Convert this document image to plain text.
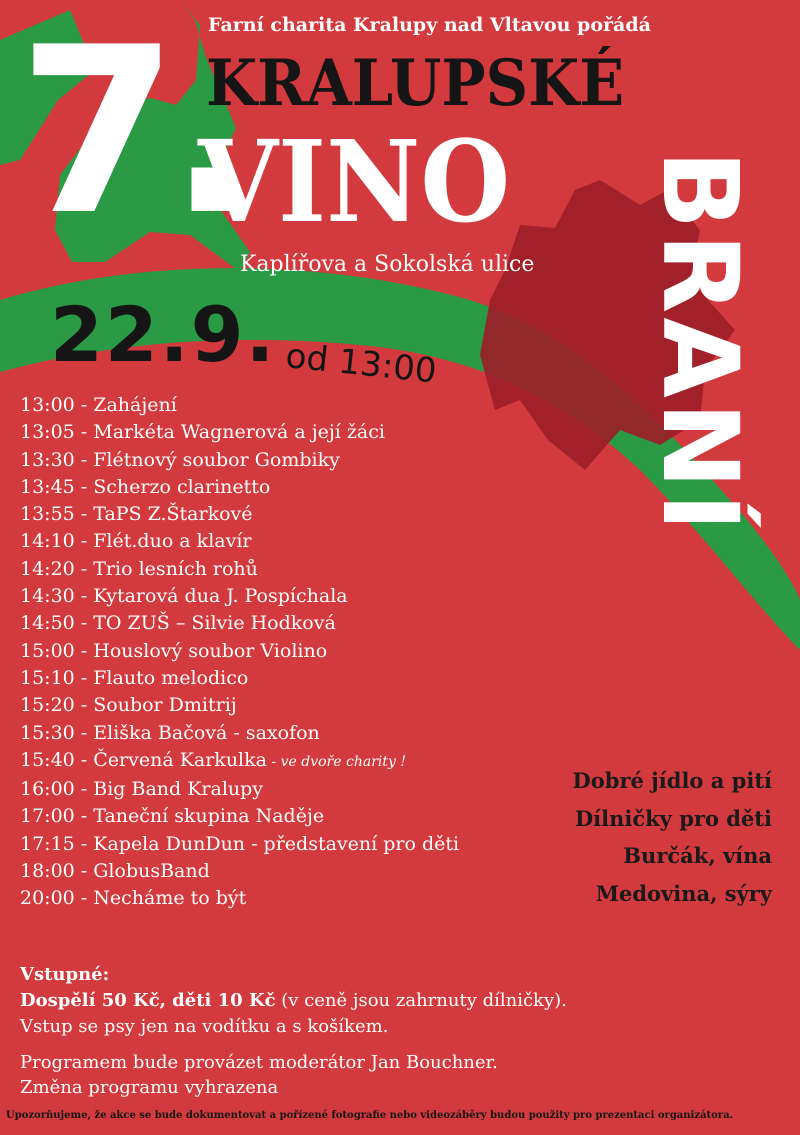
Farní charita Kralupy nad Vltavou pořádá
7.
KRALUPSKÉ
VINO BRANÍ
Kaplířova a Sokolská ulice
22.9. od 13:00
13:00 - Zahájení
13:05 - Markéta Wagnerová a její žáci
13:30 - Flétnový soubor Gombiky
13:45 - Scherzo clarinetto
13:55 - TaPS Z.Štarkové
14:10 - Flét.duo a klavír
14:20 - Trio lesních rohů
14:30 - Kytarová dua J. Pospíchala
14:50 - TO ZUŠ – Silvie Hodková
15:00 - Houslový soubor Violino
15:10 - Flauto melodico
15:20 - Soubor Dmitrij
15:30 - Eliška Bačová - saxofon
15:40 - Červená Karkulka - ve dvoře charity !
16:00 - Big Band Kralupy
17:00 - Taneční skupina Naděje
17:15 - Kapela DunDun - představení pro děti
18:00 - GlobusBand
20:00 - Necháme to být
Dobré jídlo a pití
Dílničky pro děti
Burčák, vína
Medovina, sýry
Vstupné:
Dospělí 50 Kč, děti 10 Kč (v ceně jsou zahrnuty dílničky).
Vstup se psy jen na vodítku a s košíkem.
Programem bude provázet moderátor Jan Bouchner.
Změna programu vyhrazena
Upozorňujeme, že akce se bude dokumentovat a pořízené fotografie nebo videozáběry budou použity pro prezentaci organizátora.
